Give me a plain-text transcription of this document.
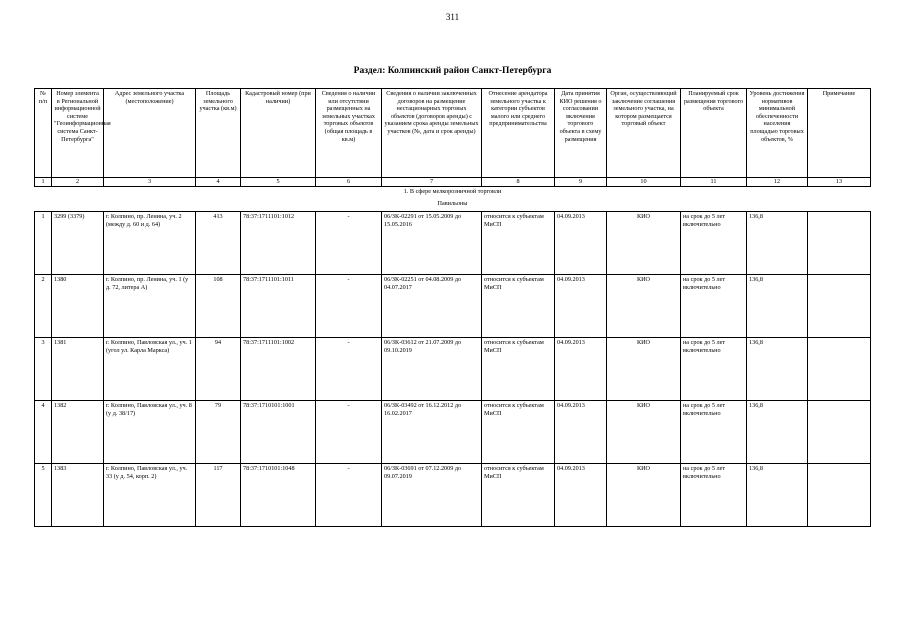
311
Раздел: Колпинский район Санкт-Петербурга
№ п/п	Номер элемента в Региональной информационной системе "Геоинформационная система Санкт-Петербурга"	Адрес земельного участка (местоположение)	Площадь земельного участка (кв.м)	Кадастровый номер (при наличии)	Сведения о наличии или отсутствии размещенных на земельных участках торговых объектов (общая площадь в кв.м)	Сведения о наличии заключенных договоров на размещение нестационарных торговых объектов (договоров аренды) с указанием срока аренды земельных участков (№, дата и срок аренды)	Отнесение арендатора земельного участка к категории субъектов малого или среднего предпринимательства	Дата принятия КИО решения о согласовании включения торгового объекта в схему размещения	Орган, осуществляющий заключение соглашения земельного участка, на котором размещается торговый объект	Планируемый срок размещения торгового объекта	Уровень достижения нормативов минимальной обеспеченности населения площадью торговых объектов, %	Примечание
1	2	3	4	5	6	7	8	9	10	11	12	13
1. В сфере мелкорозничной торговли												
Павильоны												
1	3299 (3379)	г. Колпино, пр. Ленина, уч. 2 (между д. 60 и д. 64)	413	78:37:1711101:1012	-	06/ЗК-02291 от 15.05.2009 до 15.05.2016	относится к субъектам МиСП	04.09.2013	КИО	на срок до 5 лет включительно	136,8	
2	1380	г. Колпино, пр. Ленина, уч. 1 (у д. 72, литера А)	108	78:37:1711101:1011	-	06/ЗК-02251 от 04.08.2009 до 04.07.2017	относится к субъектам МиСП	04.09.2013	КИО	на срок до 5 лет включительно	136,8	
3	1381	г. Колпино, Павловская ул., уч. 1 (угол ул. Карла Маркса)	94	78:37:1711101:1002	-	06/ЗК-03612 от 21.07.2009 до 09.10.2019	относится к субъектам МиСП	04.09.2013	КИО	на срок до 5 лет включительно	136,8	
4	1382	г. Колпино, Павловская ул., уч. 8 (у д. 38/17)	79	78:37:1710101:1001	-	06/ЗК-03492 от 16.12.2012 до 16.02.2017	относится к субъектам МиСП	04.09.2013	КИО	на срок до 5 лет включительно	136,8	
5	1383	г. Колпино, Павловская ул., уч. 33 (у д. 54, корп. 2)	117	78:37:1710101:1048	-	06/ЗК-03691 от 07.12.2009 до 09.07.2019	относится к субъектам МиСП	04.09.2013	КИО	на срок до 5 лет включительно	136,8	
